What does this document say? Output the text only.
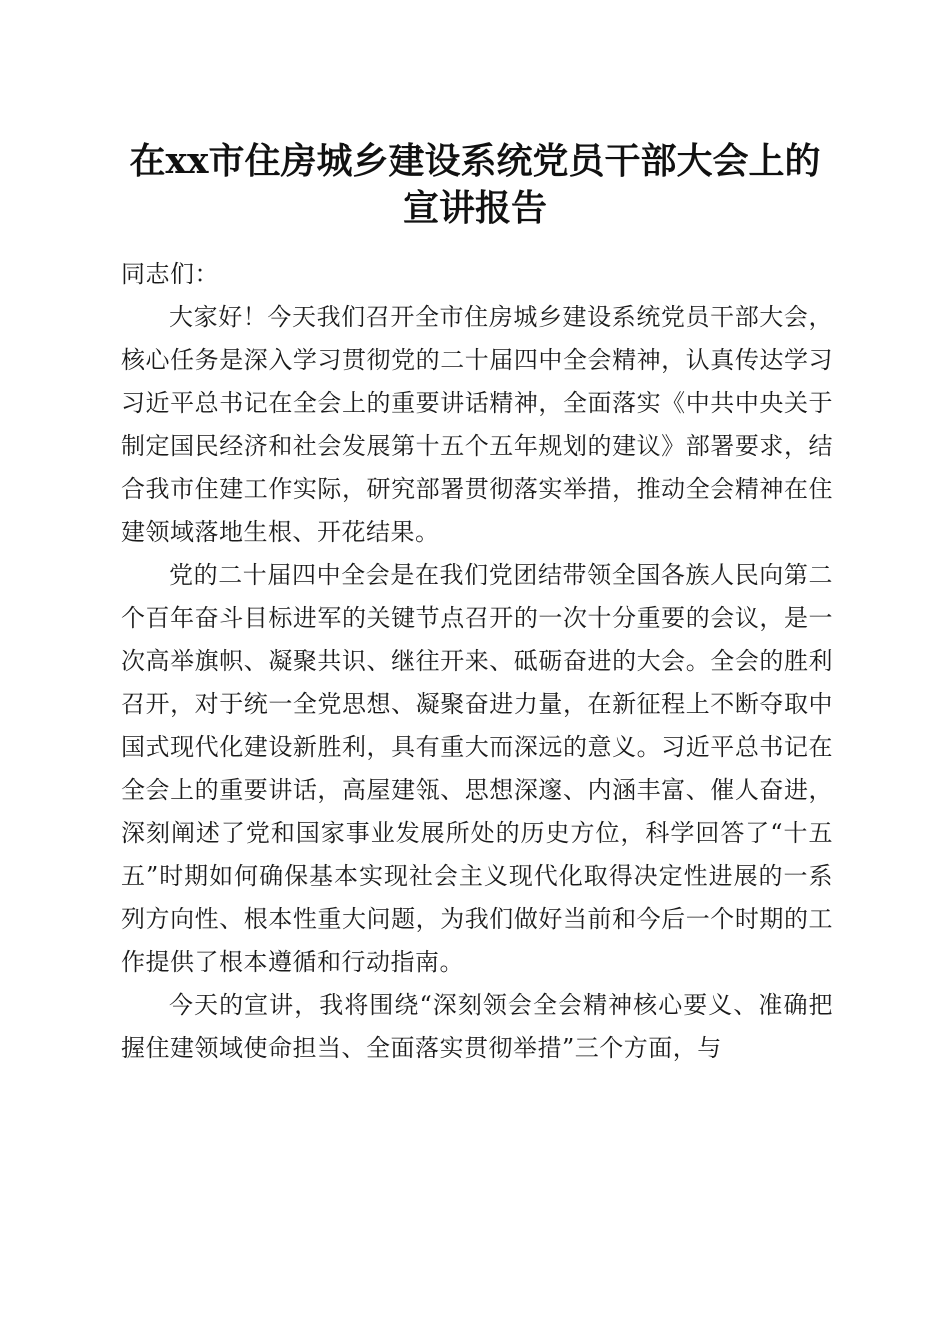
在xx市住房城乡建设系统党员干部大会上的
宣讲报告

同志们：

大家好！今天我们召开全市住房城乡建设系统党员干部大会，核心任务是深入学习贯彻党的二十届四中全会精神，认真传达学习习近平总书记在全会上的重要讲话精神，全面落实《中共中央关于制定国民经济和社会发展第十五个五年规划的建议》部署要求，结合我市住建工作实际，研究部署贯彻落实举措，推动全会精神在住建领域落地生根、开花结果。

党的二十届四中全会是在我们党团结带领全国各族人民向第二个百年奋斗目标进军的关键节点召开的一次十分重要的会议，是一次高举旗帜、凝聚共识、继往开来、砥砺奋进的大会。全会的胜利召开，对于统一全党思想、凝聚奋进力量，在新征程上不断夺取中国式现代化建设新胜利，具有重大而深远的意义。习近平总书记在全会上的重要讲话，高屋建瓴、思想深邃、内涵丰富、催人奋进，深刻阐述了党和国家事业发展所处的历史方位，科学回答了“十五五”时期如何确保基本实现社会主义现代化取得决定性进展的一系列方向性、根本性重大问题，为我们做好当前和今后一个时期的工作提供了根本遵循和行动指南。

今天的宣讲，我将围绕“深刻领会全会精神核心要义、准确把握住建领域使命担当、全面落实贯彻举措”三个方面，与
